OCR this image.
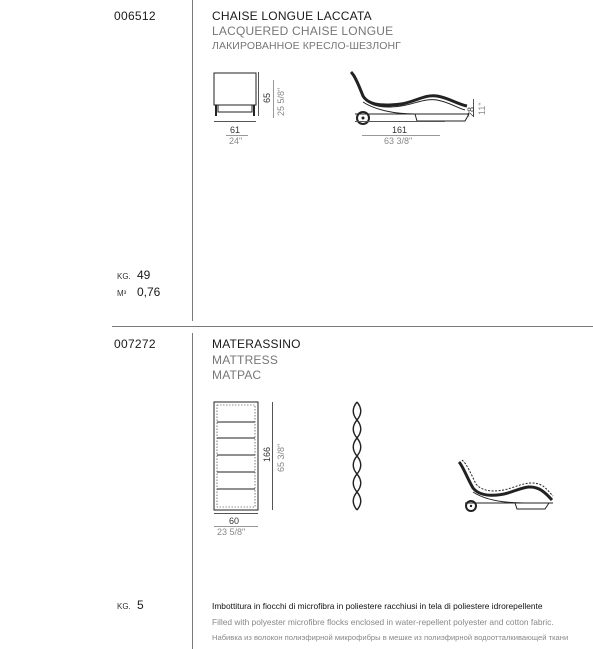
006512	CHAISE LONGUE LACCATA
LACQUERED CHAISE LONGUE
ЛАКИРОВАННОЕ КРЕСЛО-ШЕЗЛОНГ
61
24"
65 25 5/8"
161
63 3/8"
28 11"
KG. 49
M³ 0,76
007272	MATERASSINO
MATTRESS
МАТРАС
60
23 5/8"
166 65 3/8"
KG. 5	Imbottitura in fiocchi di microfibra in poliestere racchiusi in tela di poliestere idrorepellente
Filled with polyester microfibre flocks enclosed in water-repellent polyester and cotton fabric.
Набивка из волокон полиэфирной микрофибры в мешке из полиэфирной водоотталкивающей ткани
